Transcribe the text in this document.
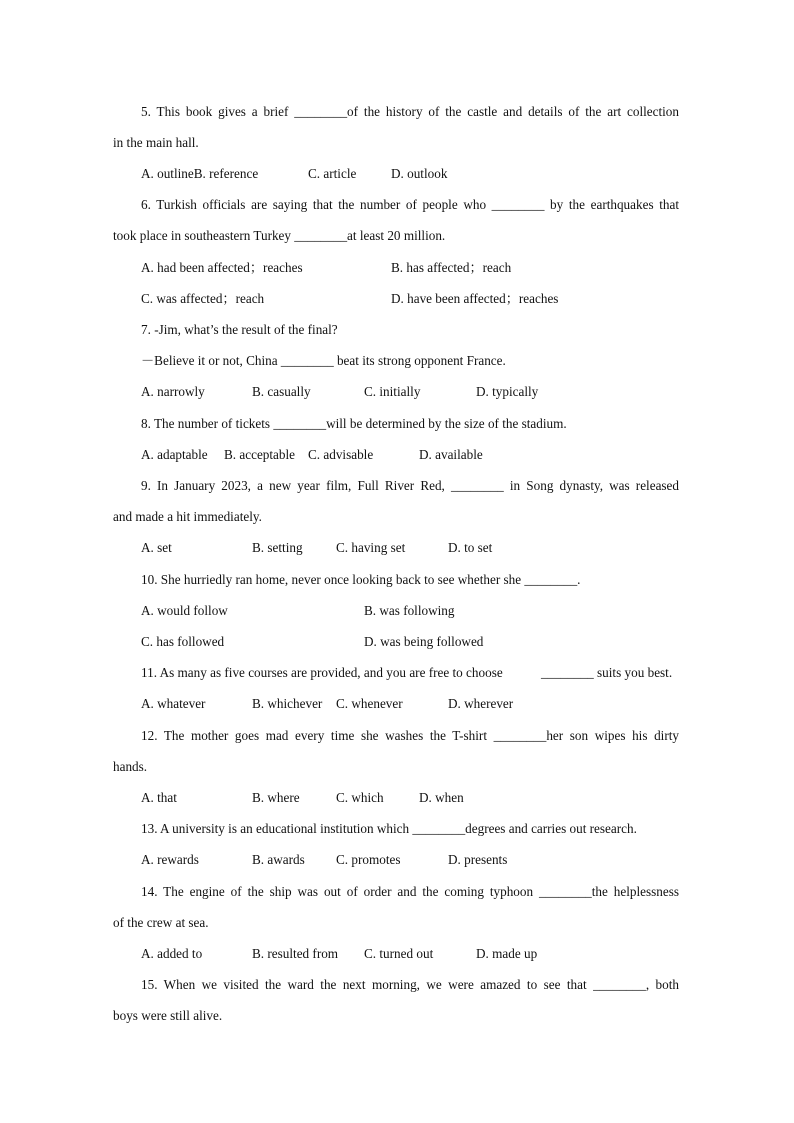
5. This book gives a brief ________of the history of the castle and details of the art collection
in the main hall.
A. outlineB. reference	C. article	D. outlook
6. Turkish officials are saying that the number of people who ________ by the earthquakes that
took place in southeastern Turkey ________at least 20 million.
A. had been affected；reaches	B. has affected；reach
C. was affected；reach	D. have been affected；reaches
7. -Jim, what’s the result of the final?
－Believe it or not, China ________ beat its strong opponent France.
A. narrowly	B. casually	C. initially	D. typically
8. The number of tickets ________will be determined by the size of the stadium.
A. adaptable B. acceptable C. advisable	D. available
9. In January 2023, a new year film, Full River Red, ________ in Song dynasty, was released
and made a hit immediately.
A. set	B. setting	C. having set	D. to set
10. She hurriedly ran home, never once looking back to see whether she ________.
A. would follow	B. was following
C. has followed	D. was being followed
11. As many as five courses are provided, and you are free to choose	________ suits you best.
A. whatever	B. whichever C. whenever	D. wherever
12. The mother goes mad every time she washes the T-shirt ________her son wipes his dirty
hands.
A. that	B. where	C. which	D. when
13. A university is an educational institution which ________degrees and carries out research.
A. rewards	B. awards C. promotes	D. presents
14. The engine of the ship was out of order and the coming typhoon ________the helplessness
of the crew at sea.
A. added to	B. resulted from C. turned out	D. made up
15. When we visited the ward the next morning, we were amazed to see that ________, both
boys were still alive.
